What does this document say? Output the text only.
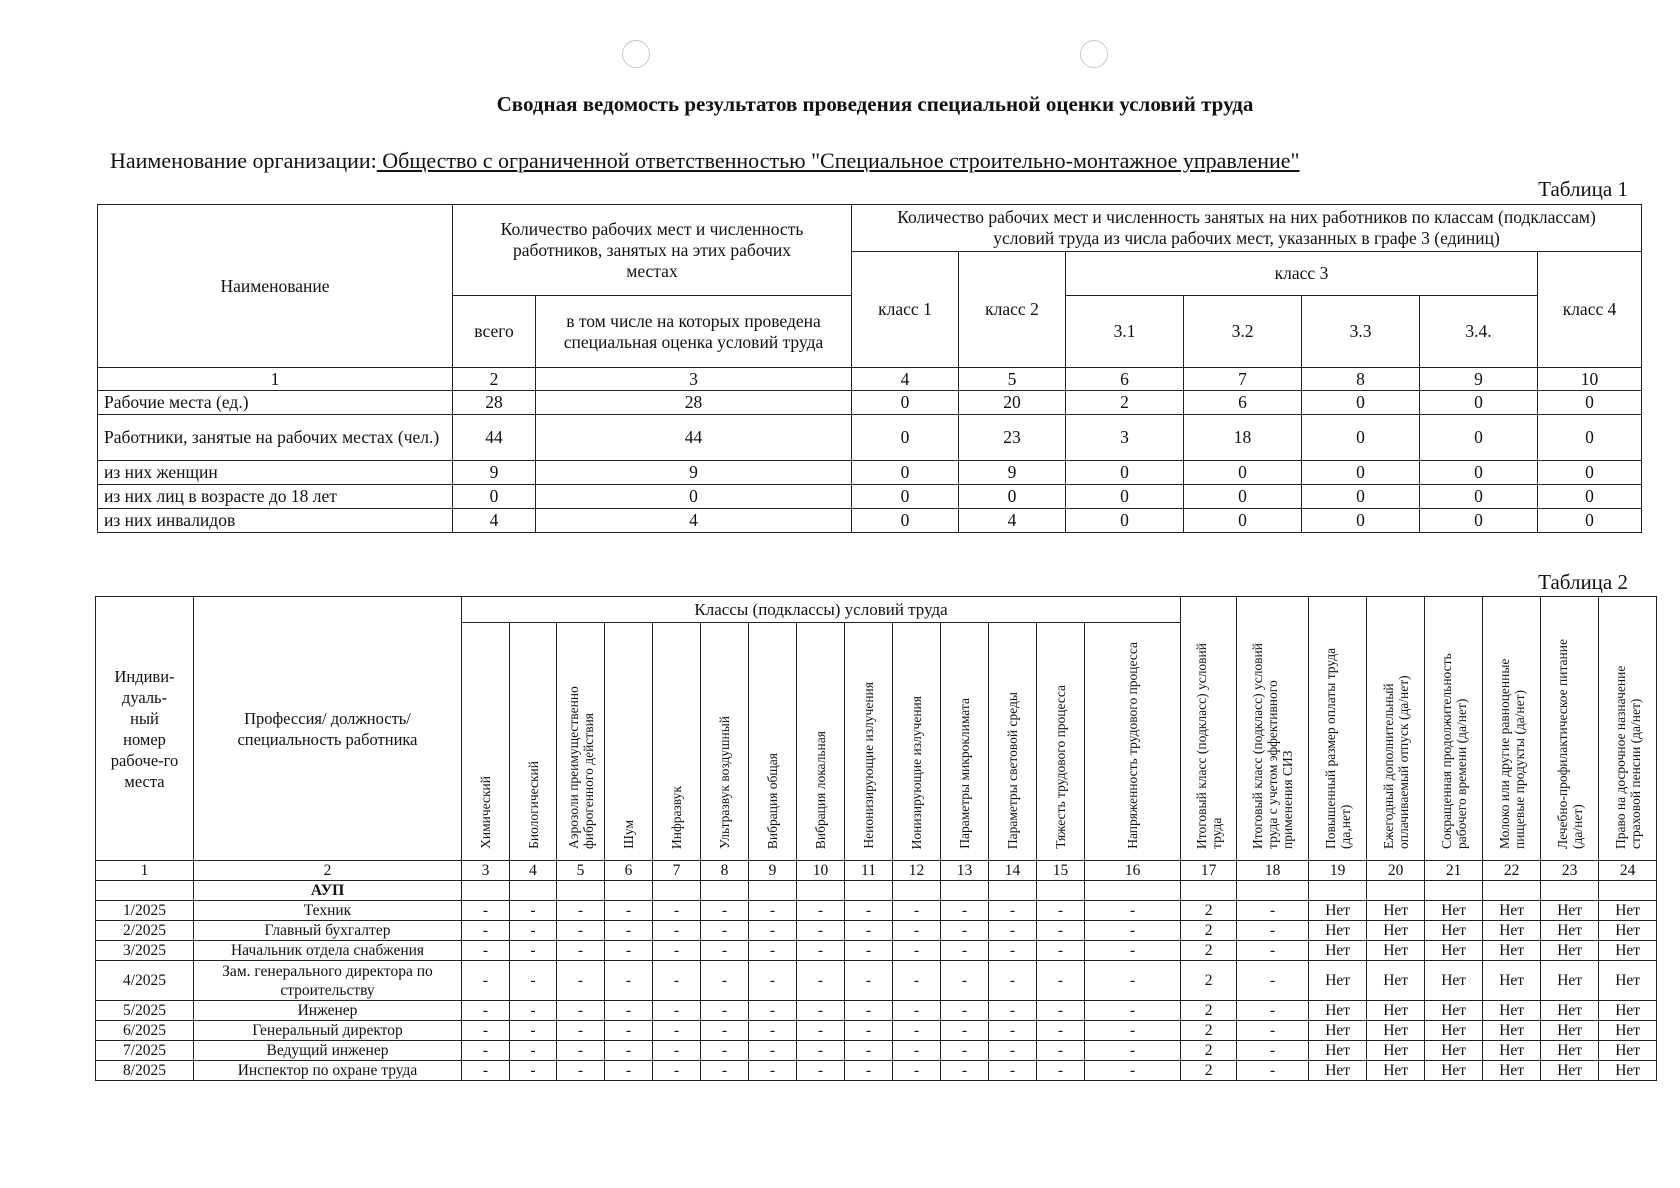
Сводная ведомость результатов проведения специальной оценки условий труда
Наименование организации: Общество с ограниченной ответственностью "Специальное строительно-монтажное управление"
Таблица 1
Наименование	Количество рабочих мест и численность работников, занятых на этих рабочих местах		Количество рабочих мест и численность занятых на них работников по классам (подклассам) условий труда из числа рабочих мест, указанных в графе 3 (единиц)						
			класс 1	класс 2	класс 3				класс 4
	всего	в том числе на которых проведена специальная оценка условий труда			3.1	3.2	3.3	3.4.	
1	2	3	4	5	6	7	8	9	10
Рабочие места (ед.)	28	28	0	20	2	6	0	0	0
Работники, занятые на рабочих местах (чел.)	44	44	0	23	3	18	0	0	0
из них женщин	9	9	0	9	0	0	0	0	0
из них лиц в возрасте до 18 лет	0	0	0	0	0	0	0	0	0
из них инвалидов	4	4	0	4	0	0	0	0	0
Таблица 2
Индиви-дуаль-ный номер рабоче-го места	Профессия/ должность/ специальность работника	Классы (подклассы) условий труда														Итоговый класс (подкласс) условий труда	Итоговый класс (подкласс) условий труда с учетом эффективного применения СИЗ	Повышенный размер оплаты труда (да,нет)	Ежегодный дополнительный оплачиваемый отпуск (да/нет)	Сокращенная продолжительность рабочего времени (да/нет)	Молоко или другие равноценные пищевые продукты (да/нет)	Лечебно-профилактическое питание (да/нет)	Право на досрочное назначение страховой пенсии (да/нет)
		Химический	Биологический	Аэрозоли преимущественно фиброгенного действия	Шум	Инфразвук	Ультразвук воздушный	Вибрация общая	Вибрация локальная	Неионизирующие излучения	Ионизирующие излучения	Параметры микроклимата	Параметры световой среды	Тяжесть трудового процесса	Напряженность трудового процесса								
1	2	3	4	5	6	7	8	9	10	11	12	13	14	15	16	17	18	19	20	21	22	23	24
	АУП																						
1/2025	Техник	-	-	-	-	-	-	-	-	-	-	-	-	-	-	2	-	Нет	Нет	Нет	Нет	Нет	Нет
2/2025	Главный бухгалтер	-	-	-	-	-	-	-	-	-	-	-	-	-	-	2	-	Нет	Нет	Нет	Нет	Нет	Нет
3/2025	Начальник отдела снабжения	-	-	-	-	-	-	-	-	-	-	-	-	-	-	2	-	Нет	Нет	Нет	Нет	Нет	Нет
4/2025	Зам. генерального директора по строительству	-	-	-	-	-	-	-	-	-	-	-	-	-	-	2	-	Нет	Нет	Нет	Нет	Нет	Нет
5/2025	Инженер	-	-	-	-	-	-	-	-	-	-	-	-	-	-	2	-	Нет	Нет	Нет	Нет	Нет	Нет
6/2025	Генеральный директор	-	-	-	-	-	-	-	-	-	-	-	-	-	-	2	-	Нет	Нет	Нет	Нет	Нет	Нет
7/2025	Ведущий инженер	-	-	-	-	-	-	-	-	-	-	-	-	-	-	2	-	Нет	Нет	Нет	Нет	Нет	Нет
8/2025	Инспектор по охране труда	-	-	-	-	-	-	-	-	-	-	-	-	-	-	2	-	Нет	Нет	Нет	Нет	Нет	Нет
